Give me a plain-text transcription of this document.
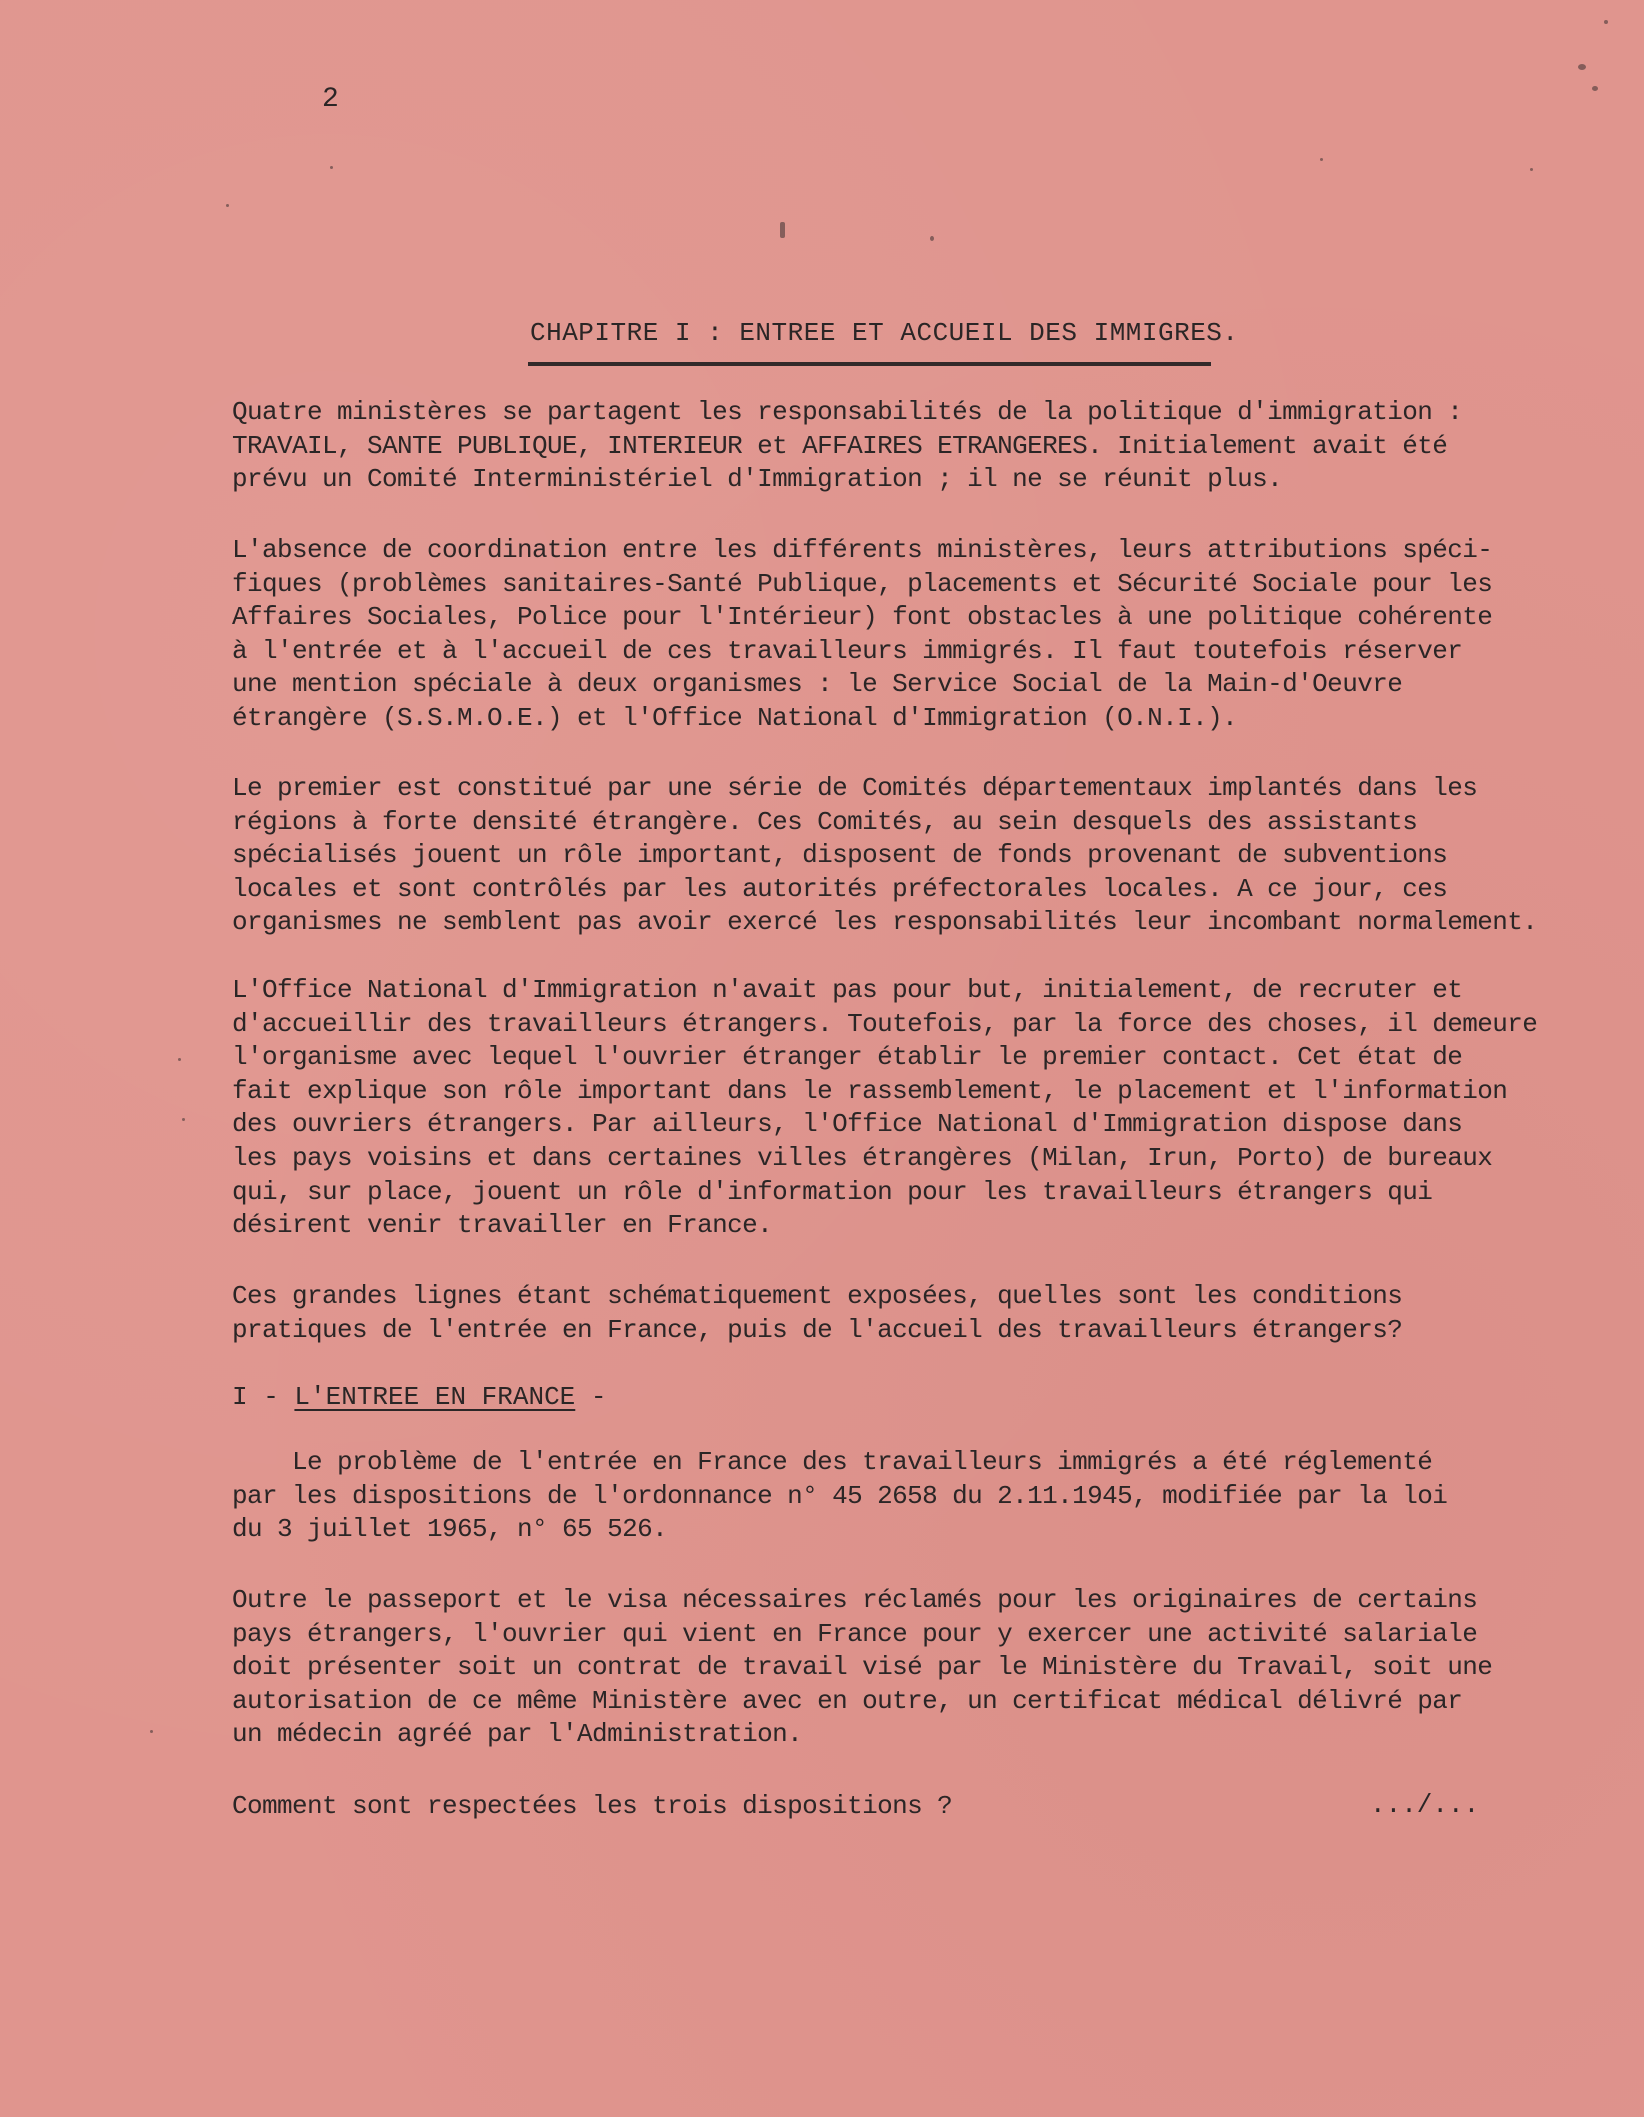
2
CHAPITRE I : ENTREE ET ACCUEIL DES IMMIGRES.

Quatre ministères se partagent les responsabilités de la politique d'immigration :
TRAVAIL, SANTE PUBLIQUE, INTERIEUR et AFFAIRES ETRANGERES. Initialement avait été
prévu un Comité Interministériel d'Immigration ; il ne se réunit plus.

L'absence de coordination entre les différents ministères, leurs attributions spéci-
fiques (problèmes sanitaires-Santé Publique, placements et Sécurité Sociale pour les
Affaires Sociales, Police pour l'Intérieur) font obstacles à une politique cohérente
à l'entrée et à l'accueil de ces travailleurs immigrés. Il faut toutefois réserver
une mention spéciale à deux organismes : le Service Social de la Main-d'Oeuvre
étrangère (S.S.M.O.E.) et l'Office National d'Immigration (O.N.I.).

Le premier est constitué par une série de Comités départementaux implantés dans les
régions à forte densité étrangère. Ces Comités, au sein desquels des assistants
spécialisés jouent un rôle important, disposent de fonds provenant de subventions
locales et sont contrôlés par les autorités préfectorales locales. A ce jour, ces
organismes ne semblent pas avoir exercé les responsabilités leur incombant normalement.

L'Office National d'Immigration n'avait pas pour but, initialement, de recruter et
d'accueillir des travailleurs étrangers. Toutefois, par la force des choses, il demeure
l'organisme avec lequel l'ouvrier étranger établir le premier contact. Cet état de
fait explique son rôle important dans le rassemblement, le placement et l'information
des ouvriers étrangers. Par ailleurs, l'Office National d'Immigration dispose dans
les pays voisins et dans certaines villes étrangères (Milan, Irun, Porto) de bureaux
qui, sur place, jouent un rôle d'information pour les travailleurs étrangers qui
désirent venir travailler en France.

Ces grandes lignes étant schématiquement exposées, quelles sont les conditions
pratiques de l'entrée en France, puis de l'accueil des travailleurs étrangers?

I - L'ENTREE EN FRANCE -

Le problème de l'entrée en France des travailleurs immigrés a été réglementé
par les dispositions de l'ordonnance n° 45 2658 du 2.11.1945, modifiée par la loi
du 3 juillet 1965, n° 65 526.

Outre le passeport et le visa nécessaires réclamés pour les originaires de certains
pays étrangers, l'ouvrier qui vient en France pour y exercer une activité salariale
doit présenter soit un contrat de travail visé par le Ministère du Travail, soit une
autorisation de ce même Ministère avec en outre, un certificat médical délivré par
un médecin agréé par l'Administration.

Comment sont respectées les trois dispositions ?	.../...
